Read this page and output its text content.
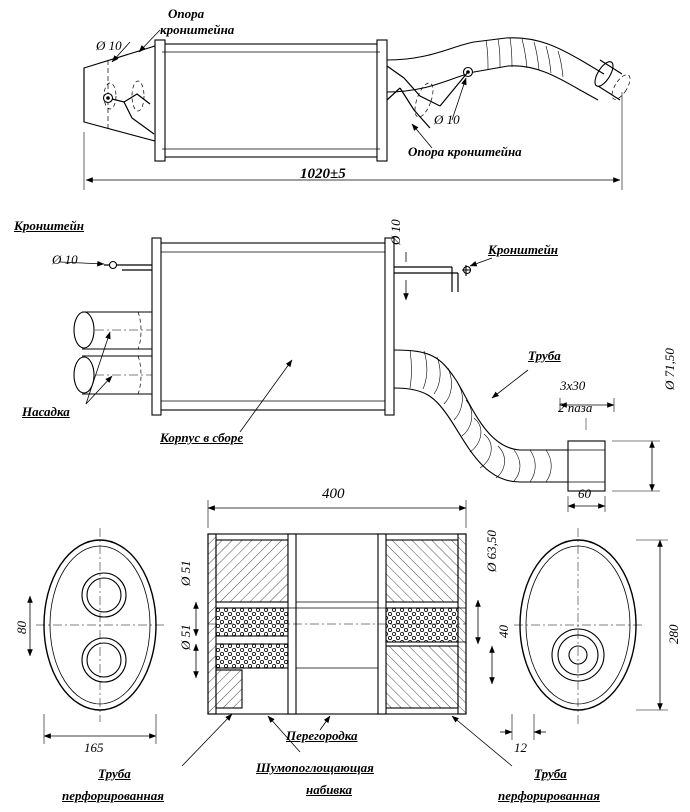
Опора
кронштейна
Ø 10
Ø 10
Опора кронштейна
1020±5
Кронштейн
Ø 10
Ø 10
Кронштейн
Насадка
Корпус в сборе
Труба
3x30
2 паза
60
Ø 71,50
400
Ø 51
Ø 51
Ø 63,50
40
80
165
280
12
Перегородка
Шумопоглощающая
набивка
Труба
перфорированная
Труба
перфорированная
